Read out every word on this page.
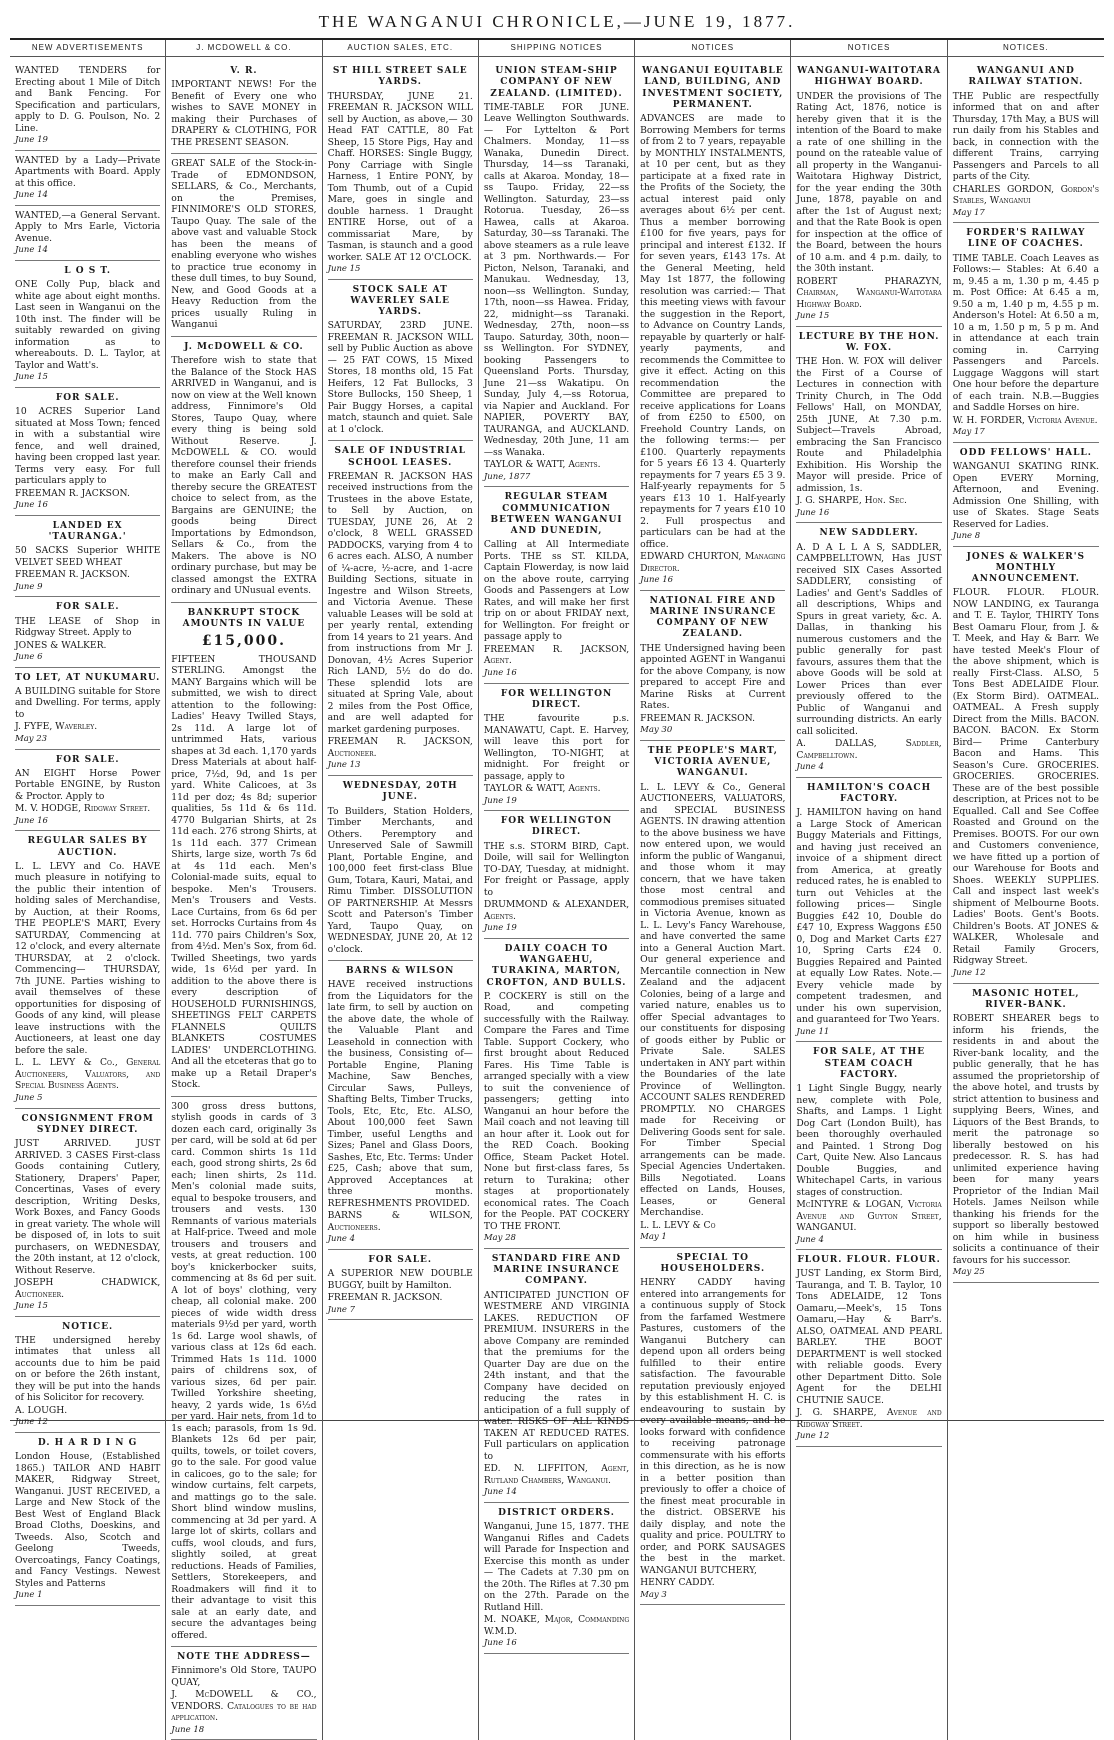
THE WANGANUI CHRONICLE,—JUNE 19, 1877.
NEW ADVERTISEMENTS

WANTED TENDERS for Erecting about 1 Mile of Ditch and Bank Fencing. For Specification and particulars, apply to D. G. Poulson, No. 2 Line.

June 19

WANTED by a Lady—Private Apartments with Board. Apply at this office.

June 14

WANTED,—a General Servant. Apply to Mrs Earle, Victoria Avenue.

June 14
L O S T.

ONE Colly Pup, black and white age about eight months. Last seen in Wanganui on the 10th inst. The finder will be suitably rewarded on giving information as to whereabouts. D. L. Taylor, at Taylor and Watt's.

June 15
FOR SALE.

10 ACRES Superior Land situated at Moss Town; fenced in with a substantial wire fence, and well drained, having been cropped last year. Terms very easy. For full particulars apply to

FREEMAN R. JACKSON.

June 16
LANDED EX 'TAURANGA.'

50 SACKS Superior WHITE VELVET SEED WHEAT

FREEMAN R. JACKSON.

June 9
FOR SALE.

THE LEASE of Shop in Ridgway Street. Apply to

JONES & WALKER.

June 6
TO LET, AT NUKUMARU.

A BUILDING suitable for Store and Dwelling. For terms, apply to

J. FYFE, Waverley.

May 23
FOR SALE.

AN EIGHT Horse Power Portable ENGINE, by Ruston & Proctor. Apply to

M. V. HODGE, Ridgway Street.

June 16
REGULAR SALES BY AUCTION.

L. L. LEVY and Co. HAVE much pleasure in notifying to the public their intention of holding sales of Merchandise, by Auction, at their Rooms, THE PEOPLE'S MART, Every SATURDAY, Commencing at 12 o'clock, and every alternate THURSDAY, at 2 o'clock. Commencing— THURSDAY, 7th JUNE. Parties wishing to avail themselves of these opportunities for disposing of Goods of any kind, will please leave instructions with the Auctioneers, at least one day before the sale.

L. L. LEVY & Co., General Auctioneers, Valuators, and Special Business Agents.

June 5
CONSIGNMENT FROM SYDNEY DIRECT.

JUST ARRIVED. JUST ARRIVED. 3 CASES First-class Goods containing Cutlery, Stationery, Drapers' Paper, Concertinas, Vases of every description, Writing Desks, Work Boxes, and Fancy Goods in great variety. The whole will be disposed of, in lots to suit purchasers, on WEDNESDAY, the 20th instant, at 12 o'clock, Without Reserve.

JOSEPH CHADWICK, Auctioneer.

June 15
NOTICE.

THE undersigned hereby intimates that unless all accounts due to him be paid on or before the 26th instant, they will be put into the hands of his Solicitor for recovery.

A. LOUGH.

June 12
D. H A R D I N G

London House, (Established 1865.) TAILOR AND HABIT MAKER, Ridgway Street, Wanganui. JUST RECEIVED, a Large and New Stock of the Best West of England Black Broad Cloths, Doeskins, and Tweeds. Also, Scotch and Geelong Tweeds, Overcoatings, Fancy Coatings, and Fancy Vestings. Newest Styles and Patterns

June 1
J. MCDOWELL & CO.
V. R.

IMPORTANT NEWS! For the Benefit of Every one who wishes to SAVE MONEY in making their Purchases of DRAPERY & CLOTHING, FOR THE PRESENT SEASON.

GREAT SALE of the Stock-in-Trade of EDMONDSON, SELLARS, & Co., Merchants, on the Premises, FINNIMORE'S OLD STORES, Taupo Quay. The sale of the above vast and valuable Stock has been the means of enabling everyone who wishes to practice true economy in these dull times, to buy Sound, New, and Good Goods at a Heavy Reduction from the prices usually Ruling in Wanganui

J. McDOWELL & CO.

Therefore wish to state that the Balance of the Stock HAS ARRIVED in Wanganui, and is now on view at the Well known address, Finnimore's Old Stores, Taupo Quay, where every thing is being sold Without Reserve. J. McDOWELL & CO. would therefore counsel their friends to make an Early Call and thereby secure the GREATEST choice to select from, as the Bargains are GENUINE; the goods being Direct Importations by Edmondson, Sellars & Co., from the Makers. The above is NO ordinary purchase, but may be classed amongst the EXTRA ordinary and UNusual events.

BANKRUPT STOCK AMOUNTS IN VALUE
£15,000.

FIFTEEN THOUSAND STERLING. Amongst the MANY Bargains which will be submitted, we wish to direct attention to the following: Ladies' Heavy Twilled Stays, 2s 11d. A large lot of untrimmed Hats, various shapes at 3d each. 1,170 yards Dress Materials at about half-price, 7½d, 9d, and 1s per yard. White Calicoes, at 3s 11d per doz; 4s 8d; superior qualities, 5s 11d & 6s 11d. 4770 Bulgarian Shirts, at 2s 11d each. 276 strong Shirts, at 1s 11d each. 377 Crimean Shirts, large size, worth 7s 6d at 4s 11d each. Men's Colonial-made suits, equal to bespoke. Men's Trousers. Men's Trousers and Vests. Lace Curtains, from 6s 6d per set. Horrocks Curtains from 4s 11d. 770 pairs Children's Sox, from 4½d. Men's Sox, from 6d. Twilled Sheetings, two yards wide, 1s 6½d per yard. In addition to the above there is every description of HOUSEHOLD FURNISHINGS, SHEETINGS FELT CARPETS FLANNELS QUILTS BLANKETS COSTUMES LADIES' UNDERCLOTHING. And all the etceteras that go to make up a Retail Draper's Stock.

300 gross dress buttons, stylish goods in cards of 3 dozen each card, originally 3s per card, will be sold at 6d per card. Common shirts 1s 11d each, good strong shirts, 2s 6d each; linen shirts, 2s 11d. Men's colonial made suits, equal to bespoke trousers, and trousers and vests. 130 Remnants of various materials at Half-price. Tweed and mole trousers and trousers and vests, at great reduction. 100 boy's knickerbocker suits, commencing at 8s 6d per suit. A lot of boys' clothing, very cheap, all colonial make. 200 pieces of wide width dress materials 9½d per yard, worth 1s 6d. Large wool shawls, of various class at 12s 6d each. Trimmed Hats 1s 11d. 1000 pairs of childrens sox, of various sizes, 6d per pair. Twilled Yorkshire sheeting, heavy, 2 yards wide, 1s 6½d per yard. Hair nets, from 1d to 1s each; parasols, from 1s 9d. Blankets 12s 6d per pair, quilts, towels, or toilet covers, go to the sale. For good value in calicoes, go to the sale; for window curtains, felt carpets, and mattings go to the sale. Short blind window muslins, commencing at 3d per yard. A large lot of skirts, collars and cuffs, wool clouds, and furs, slightly soiled, at great reductions. Heads of Families, Settlers, Storekeepers, and Roadmakers will find it to their advantage to visit this sale at an early date, and secure the advantages being offered.

NOTE THE ADDRESS—

Finnimore's Old Store, TAUPO QUAY,

J. McDOWELL & CO., VENDORS. Catalogues to be had application.

June 18
AUCTION SALES, ETC.
ST HILL STREET SALE YARDS.

THURSDAY, JUNE 21. FREEMAN R. JACKSON WILL sell by Auction, as above,— 30 Head FAT CATTLE, 80 Fat Sheep, 15 Store Pigs, Hay and Chaff. HORSES: Single Buggy, Pony Carriage with Single Harness, 1 Entire PONY, by Tom Thumb, out of a Cupid Mare, goes in single and double harness. 1 Draught ENTIRE Horse, out of a commissariat Mare, by Tasman, is staunch and a good worker. SALE AT 12 O'CLOCK.

June 15
STOCK SALE AT WAVERLEY SALE YARDS.

SATURDAY, 23RD JUNE. FREEMAN R. JACKSON WILL sell by Public Auction as above— 25 FAT COWS, 15 Mixed Stores, 18 months old, 15 Fat Heifers, 12 Fat Bullocks, 3 Store Bullocks, 150 Sheep, 1 Pair Buggy Horses, a capital match, staunch and quiet. Sale at 1 o'clock.

SALE OF INDUSTRIAL SCHOOL LEASES.

FREEMAN R. JACKSON HAS received instructions from the Trustees in the above Estate, to Sell by Auction, on TUESDAY, JUNE 26, At 2 o'clock, 8 WELL GRASSED PADDOCKS, varying from 4 to 6 acres each. ALSO, A number of ¼-acre, ½-acre, and 1-acre Building Sections, situate in Ingestre and Wilson Streets, and Victoria Avenue. These valuable Leases will be sold at per yearly rental, extending from 14 years to 21 years. And from instructions from Mr J. Donovan, 4½ Acres Superior Rich LAND, 5½ do do do. These splendid lots are situated at Spring Vale, about 2 miles from the Post Office, and are well adapted for market gardening purposes.

FREEMAN R. JACKSON, Auctioneer.

June 13
WEDNESDAY, 20TH JUNE.

To Builders, Station Holders, Timber Merchants, and Others. Peremptory and Unreserved Sale of Sawmill Plant, Portable Engine, and 100,000 feet first-class Blue Gum, Totara, Kauri, Matai, and Rimu Timber. DISSOLUTION OF PARTNERSHIP. At Messrs Scott and Paterson's Timber Yard, Taupo Quay, on WEDNESDAY, JUNE 20, At 12 o'clock.

BARNS & WILSON

HAVE received instructions from the Liquidators for the late firm, to sell by auction on the above date, the whole of the Valuable Plant and Leasehold in connection with the business, Consisting of— Portable Engine, Planing Machine, Saw Benches, Circular Saws, Pulleys, Shafting Belts, Timber Trucks, Tools, Etc, Etc, Etc. ALSO, About 100,000 feet Sawn Timber, useful Lengths and Sizes; Panel and Glass Doors, Sashes, Etc, Etc. Terms: Under £25, Cash; above that sum, Approved Acceptances at three months. REFRESHMENTS PROVIDED.

BARNS & WILSON, Auctioneers.

June 4
FOR SALE.

A SUPERIOR NEW DOUBLE BUGGY, built by Hamilton.

FREEMAN R. JACKSON.

June 7
SHIPPING NOTICES
UNION STEAM-SHIP COMPANY OF NEW ZEALAND. (LIMITED).

TIME-TABLE FOR JUNE. Leave Wellington Southwards.— For Lyttelton & Port Chalmers. Monday, 11—ss Wanaka, Dunedin Direct. Thursday, 14—ss Taranaki, calls at Akaroa. Monday, 18—ss Taupo. Friday, 22—ss Wellington. Saturday, 23—ss Rotorua. Tuesday, 26—ss Hawea, calls at Akaroa. Saturday, 30—ss Taranaki. The above steamers as a rule leave at 3 pm. Northwards.— For Picton, Nelson, Taranaki, and Manukau. Wednesday, 13, noon—ss Wellington. Sunday, 17th, noon—ss Hawea. Friday, 22, midnight—ss Taranaki. Wednesday, 27th, noon—ss Taupo. Saturday, 30th, noon—ss Wellington. For SYDNEY, booking Passengers to Queensland Ports. Thursday, June 21—ss Wakatipu. On Sunday, July 4,—ss Rotorua, via Napier and Auckland. For NAPIER, POVERTY BAY, TAURANGA, and AUCKLAND. Wednesday, 20th June, 11 am—ss Wanaka.

TAYLOR & WATT, Agents.

June, 1877
REGULAR STEAM COMMUNICATION BETWEEN WANGANUI AND DUNEDIN,

Calling at All Intermediate Ports. THE ss ST. KILDA, Captain Flowerday, is now laid on the above route, carrying Goods and Passengers at Low Rates, and will make her first trip on or about FRIDAY next, for Wellington. For freight or passage apply to

FREEMAN R. JACKSON, Agent.

June 16
FOR WELLINGTON DIRECT.

THE favourite p.s. MANAWATU, Capt. E. Harvey, will leave this port for Wellington, TO-NIGHT, at midnight. For freight or passage, apply to

TAYLOR & WATT, Agents.

June 19
FOR WELLINGTON DIRECT.

THE s.s. STORM BIRD, Capt. Doile, will sail for Wellington TO-DAY, Tuesday, at midnight. For freight or Passage, apply to

DRUMMOND & ALEXANDER, Agents.

June 19
DAILY COACH TO WANGAEHU, TURAKINA, MARTON, CROFTON, AND BULLS.

P. COCKERY is still on the Road, and competing successfully with the Railway. Compare the Fares and Time Table. Support Cockery, who first brought about Reduced Fares. His Time Table is arranged specially with a view to suit the convenience of passengers; getting into Wanganui an hour before the Mail coach and not leaving till an hour after it. Look out for the RED Coach. Booking Office, Steam Packet Hotel. None but first-class fares, 5s return to Turakina; other stages at proportionately economical rates. The Coach for the People. PAT COCKERY TO THE FRONT.

May 28
STANDARD FIRE AND MARINE INSURANCE COMPANY.

ANTICIPATED JUNCTION OF WESTMERE AND VIRGINIA LAKES. REDUCTION OF PREMIUM. INSURERS in the above Company are reminded that the premiums for the Quarter Day are due on the 24th instant, and that the Company have decided on reducing the rates in anticipation of a full supply of water. RISKS OF ALL KINDS TAKEN AT REDUCED RATES. Full particulars on application to

ED. N. LIFFITON, Agent, Rutland Chambers, Wanganui.

June 14
DISTRICT ORDERS.

Wanganui, June 15, 1877. THE Wanganui Rifles and Cadets will Parade for Inspection and Exercise this month as under— The Cadets at 7.30 pm on the 20th. The Rifles at 7.30 pm on the 27th. Parade on the Rutland Hill.

M. NOAKE, Major, Commanding W.M.D.

June 16
NOTICES
WANGANUI EQUITABLE LAND, BUILDING, AND INVESTMENT SOCIETY, PERMANENT.

ADVANCES are made to Borrowing Members for terms of from 2 to 7 years, repayable by MONTHLY INSTALMENTS, at 10 per cent, but as they participate at a fixed rate in the Profits of the Society, the actual interest paid only averages about 6½ per cent. Thus a member borrowing £100 for five years, pays for principal and interest £132. If for seven years, £143 17s. At the General Meeting, held May 1st 1877, the following resolution was carried:— That this meeting views with favour the suggestion in the Report, to Advance on Country Lands, repayable by quarterly or half-yearly payments, and recommends the Committee to give it effect. Acting on this recommendation the Committee are prepared to receive applications for Loans of from £250 to £500, on Freehold Country Lands, on the following terms:— per £100. Quarterly repayments for 5 years £6 13 4. Quarterly repayments for 7 years £5 3 9. Half-yearly repayments for 5 years £13 10 1. Half-yearly repayments for 7 years £10 10 2. Full prospectus and particulars can be had at the office.

EDWARD CHURTON, Managing Director.

June 16
NATIONAL FIRE AND MARINE INSURANCE COMPANY OF NEW ZEALAND.

THE Undersigned having been appointed AGENT in Wanganui for the above Company, is now prepared to accept Fire and Marine Risks at Current Rates.

FREEMAN R. JACKSON.

May 30
THE PEOPLE'S MART, VICTORIA AVENUE, WANGANUI.

L. L. LEVY & Co., General AUCTIONEERS, VALUATORS, and SPECIAL BUSINESS AGENTS. IN drawing attention to the above business we have now entered upon, we would inform the public of Wanganui, and those whom it may concern, that we have taken those most central and commodious premises situated in Victoria Avenue, known as L. L. Levy's Fancy Warehouse, and have converted the same into a General Auction Mart. Our general experience and Mercantile connection in New Zealand and the adjacent Colonies, being of a large and varied nature, enables us to offer Special advantages to our constituents for disposing of goods either by Public or Private Sale. SALES undertaken in ANY part within the Boundaries of the late Province of Wellington. ACCOUNT SALES RENDERED PROMPTLY. NO CHARGES made for Receiving or Delivering Goods sent for sale. For Timber Special arrangements can be made. Special Agencies Undertaken. Bills Negotiated. Loans effected on Lands, Houses, Leases, or General Merchandise.

L. L. LEVY & Co

May 1
SPECIAL TO HOUSEHOLDERS.

HENRY CADDY having entered into arrangements for a continuous supply of Stock from the farfamed Westmere Pastures, customers of the Wanganui Butchery can depend upon all orders being fulfilled to their entire satisfaction. The favourable reputation previously enjoyed by this establishment H. C. is endeavouring to sustain by every available means, and he looks forward with confidence to receiving patronage commensurate with his efforts in this direction, as he is now in a better position than previously to offer a choice of the finest meat procurable in the district. OBSERVE his daily display, and note the quality and price. POULTRY to order, and PORK SAUSAGES the best in the market. WANGANUI BUTCHERY,

HENRY CADDY.

May 3
NOTICES
WANGANUI-WAITOTARA HIGHWAY BOARD.

UNDER the provisions of The Rating Act, 1876, notice is hereby given that it is the intention of the Board to make a rate of one shilling in the pound on the rateable value of all property in the Wanganui-Waitotara Highway District, for the year ending the 30th June, 1878, payable on and after the 1st of August next; and that the Rate Book is open for inspection at the office of the Board, between the hours of 10 a.m. and 4 p.m. daily, to the 30th instant.

ROBERT PHARAZYN, Chairman, Wanganui-Waitotara Highway Board.

June 15
LECTURE BY THE HON. W. FOX.

THE Hon. W. FOX will deliver the First of a Course of Lectures in connection with Trinity Church, in The Odd Fellows' Hall, on MONDAY, 25th JUNE, At 7.30 p.m. Subject—Travels Abroad, embracing the San Francisco Route and Philadelphia Exhibition. His Worship the Mayor will preside. Price of admission, 1s.

J. G. SHARPE, Hon. Sec.

June 16
NEW SADDLERY.

A. D A L L A S, SADDLER, CAMPBELLTOWN, Has JUST received SIX Cases Assorted SADDLERY, consisting of Ladies' and Gent's Saddles of all descriptions, Whips and Spurs in great variety, &c. A. Dallas, in thanking his numerous customers and the public generally for past favours, assures them that the above Goods will be sold at Lower Prices than ever previously offered to the Public of Wanganui and surrounding districts. An early call solicited.

A. DALLAS, Saddler, Campbelltown.

June 4
HAMILTON'S COACH FACTORY.

J. HAMILTON having on hand a Large Stock of American Buggy Materials and Fittings, and having just received an invoice of a shipment direct from America, at greatly reduced rates, he is enabled to turn out Vehicles at the following prices— Single Buggies £42 10, Double do £47 10, Express Waggons £50 0, Dog and Market Carts £27 10, Spring Carts £24 0. Buggies Repaired and Painted at equally Low Rates. Note.— Every vehicle made by competent tradesmen, and under his own supervision, and guaranteed for Two Years.

June 11
FOR SALE, AT THE STEAM COACH FACTORY.

1 Light Single Buggy, nearly new, complete with Pole, Shafts, and Lamps. 1 Light Dog Cart (London Built), has been thoroughly overhauled and Painted. 1 Strong Dog Cart, Quite New. Also Lancaus Double Buggies, and Whitechapel Carts, in various stages of construction.

McINTYRE & LOGAN, Victoria Avenue and Guyton Street, WANGANUI.

June 4
FLOUR. FLOUR. FLOUR.

JUST Landing, ex Storm Bird, Tauranga, and T. B. Taylor, 10 Tons ADELAIDE, 12 Tons Oamaru,—Meek's, 15 Tons Oamaru,—Hay & Barr's. ALSO, OATMEAL AND PEARL BARLEY. THE BOOT DEPARTMENT is well stocked with reliable goods. Every other Department Ditto. Sole Agent for the DELHI CHUTNIE SAUCE.

J. G. SHARPE, Avenue and Ridgway Street.

June 12
NOTICES.
WANGANUI AND RAILWAY STATION.

THE Public are respectfully informed that on and after Thursday, 17th May, a BUS will run daily from his Stables and back, in connection with the different Trains, carrying Passengers and Parcels to all parts of the City.

CHARLES GORDON, Gordon's Stables, Wanganui

May 17
FORDER'S RAILWAY LINE OF COACHES.

TIME TABLE. Coach Leaves as Follows:— Stables: At 6.40 a m, 9.45 a m, 1.30 p m, 4.45 p m. Post Office: At 6.45 a m, 9.50 a m, 1.40 p m, 4.55 p m. Anderson's Hotel: At 6.50 a m, 10 a m, 1.50 p m, 5 p m. And in attendance at each train coming in. Carrying Passengers and Parcels. Luggage Waggons will start One hour before the departure of each train. N.B.—Buggies and Saddle Horses on hire.

W. H. FORDER, Victoria Avenue.

May 17
ODD FELLOWS' HALL.

WANGANUI SKATING RINK. Open EVERY Morning, Afternoon, and Evening. Admission One Shilling, with use of Skates. Stage Seats Reserved for Ladies.

June 8
JONES & WALKER'S MONTHLY ANNOUNCEMENT.

FLOUR. FLOUR. FLOUR. NOW LANDING, ex Tauranga and T. E. Taylor, THIRTY Tons Best Oamaru Flour, from J. & T. Meek, and Hay & Barr. We have tested Meek's Flour of the above shipment, which is really First-Class. ALSO, 5 Tons Best ADELAIDE Flour. (Ex Storm Bird). OATMEAL. OATMEAL. A Fresh supply Direct from the Mills. BACON. BACON. BACON. Ex Storm Bird— Prime Canterbury Bacon and Hams. This Season's Cure. GROCERIES. GROCERIES. GROCERIES. These are of the best possible description, at Prices not to be Equalled. Call and See Coffee Roasted and Ground on the Premises. BOOTS. For our own and Customers convenience, we have fitted up a portion of our Warehouse for Boots and Shoes. WEEKLY SUPPLIES. Call and inspect last week's shipment of Melbourne Boots. Ladies' Boots. Gent's Boots. Children's Boots. AT JONES & WALKER, Wholesale and Retail Family Grocers, Ridgway Street.

June 12
MASONIC HOTEL, RIVER-BANK.

ROBERT SHEARER begs to inform his friends, the residents in and about the River-bank locality, and the public generally, that he has assumed the proprietorship of the above hotel, and trusts by strict attention to business and supplying Beers, Wines, and Liquors of the Best Brands, to merit the patronage so liberally bestowed on his predecessor. R. S. has had unlimited experience having been for many years Proprietor of the Indian Mail Hotels. James Neilson while thanking his friends for the support so liberally bestowed on him while in business solicits a continuance of their favours for his successor.

May 25
